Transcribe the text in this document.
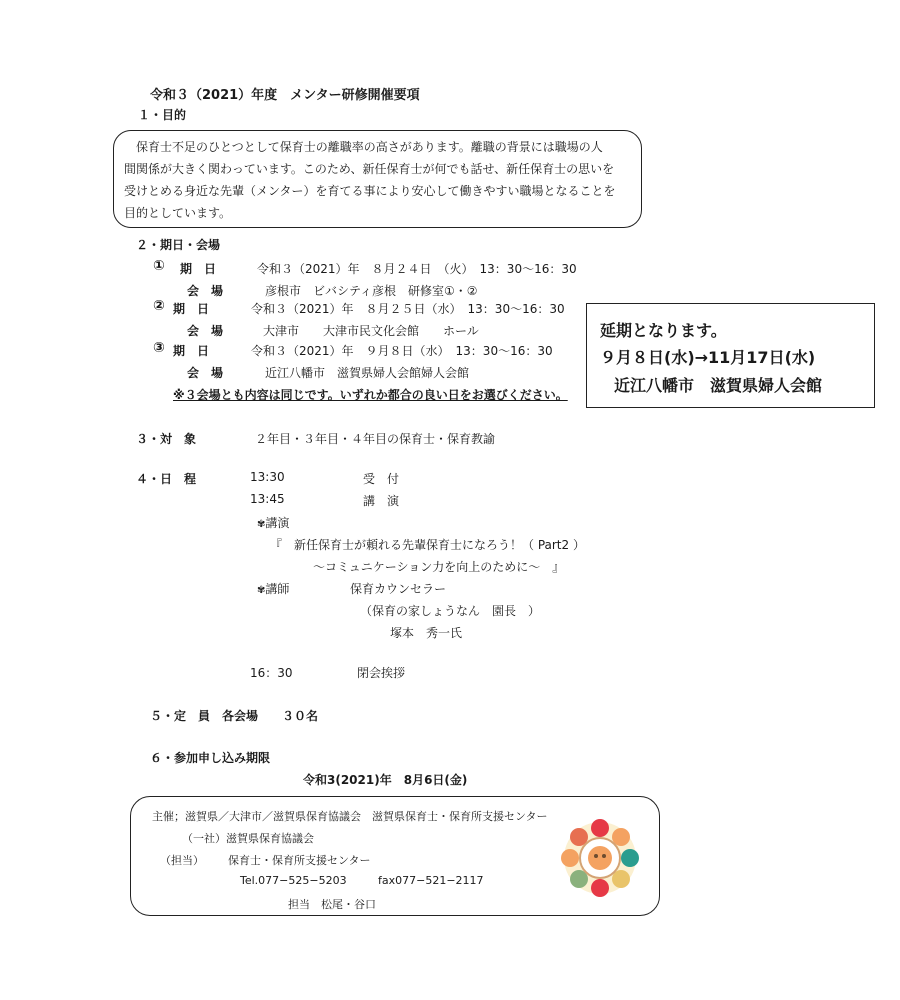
令和３（2021）年度　メンター研修開催要項
１・目的
　保育士不足のひとつとして保育士の離職率の高さがあります。離職の背景には職場の人
間関係が大きく関わっています。このため、新任保育士が何でも話せ、新任保育士の思いを
受けとめる身近な先輩（メンター）を育てる事により安心して働きやすい職場となることを
目的としています。
２・期日・会場
① 期　日	令和３（2021）年　８月２４日　（火）　13：30〜16：30
会　場	彦根市　ビバシティ彦根　研修室①・②
② 期　日	令和３（2021）年　８月２５日（水）　13：30〜16：30
会　場	大津市　　大津市民文化会館　　ホール
③ 期　日	令和３（2021）年　９月８日（水）　13：30〜16：30
会　場	近江八幡市　滋賀県婦人会館婦人会館
※３会場とも内容は同じです。いずれか都合の良い日をお選びください。
延期となります。
９月８日(水)→11月17日(水)
近江八幡市　滋賀県婦人会館
３・対　象	２年目・３年目・４年目の保育士・保育教諭
４・日　程	13:30	受　付
13:45	講　演
✾講演
『　新任保育士が頼れる先輩保育士になろう！（ Part2 ）
〜コミュニケーション力を向上のために〜　』
✾講師	保育カウンセラー
（保育の家しょうなん　園長　）
塚本　秀一氏
16：30	閉会挨拶
５・定　員　各会場　　３０名
６・参加申し込み期限
令和3(2021)年　8月6日(金)
主催；滋賀県／大津市／滋賀県保育協議会　滋賀県保育士・保育所支援センター
（一社）滋賀県保育協議会
（担当） 保育士・保育所支援センター
Tel.077−525−5203	fax077−521−2117
担当　松尾・谷口
